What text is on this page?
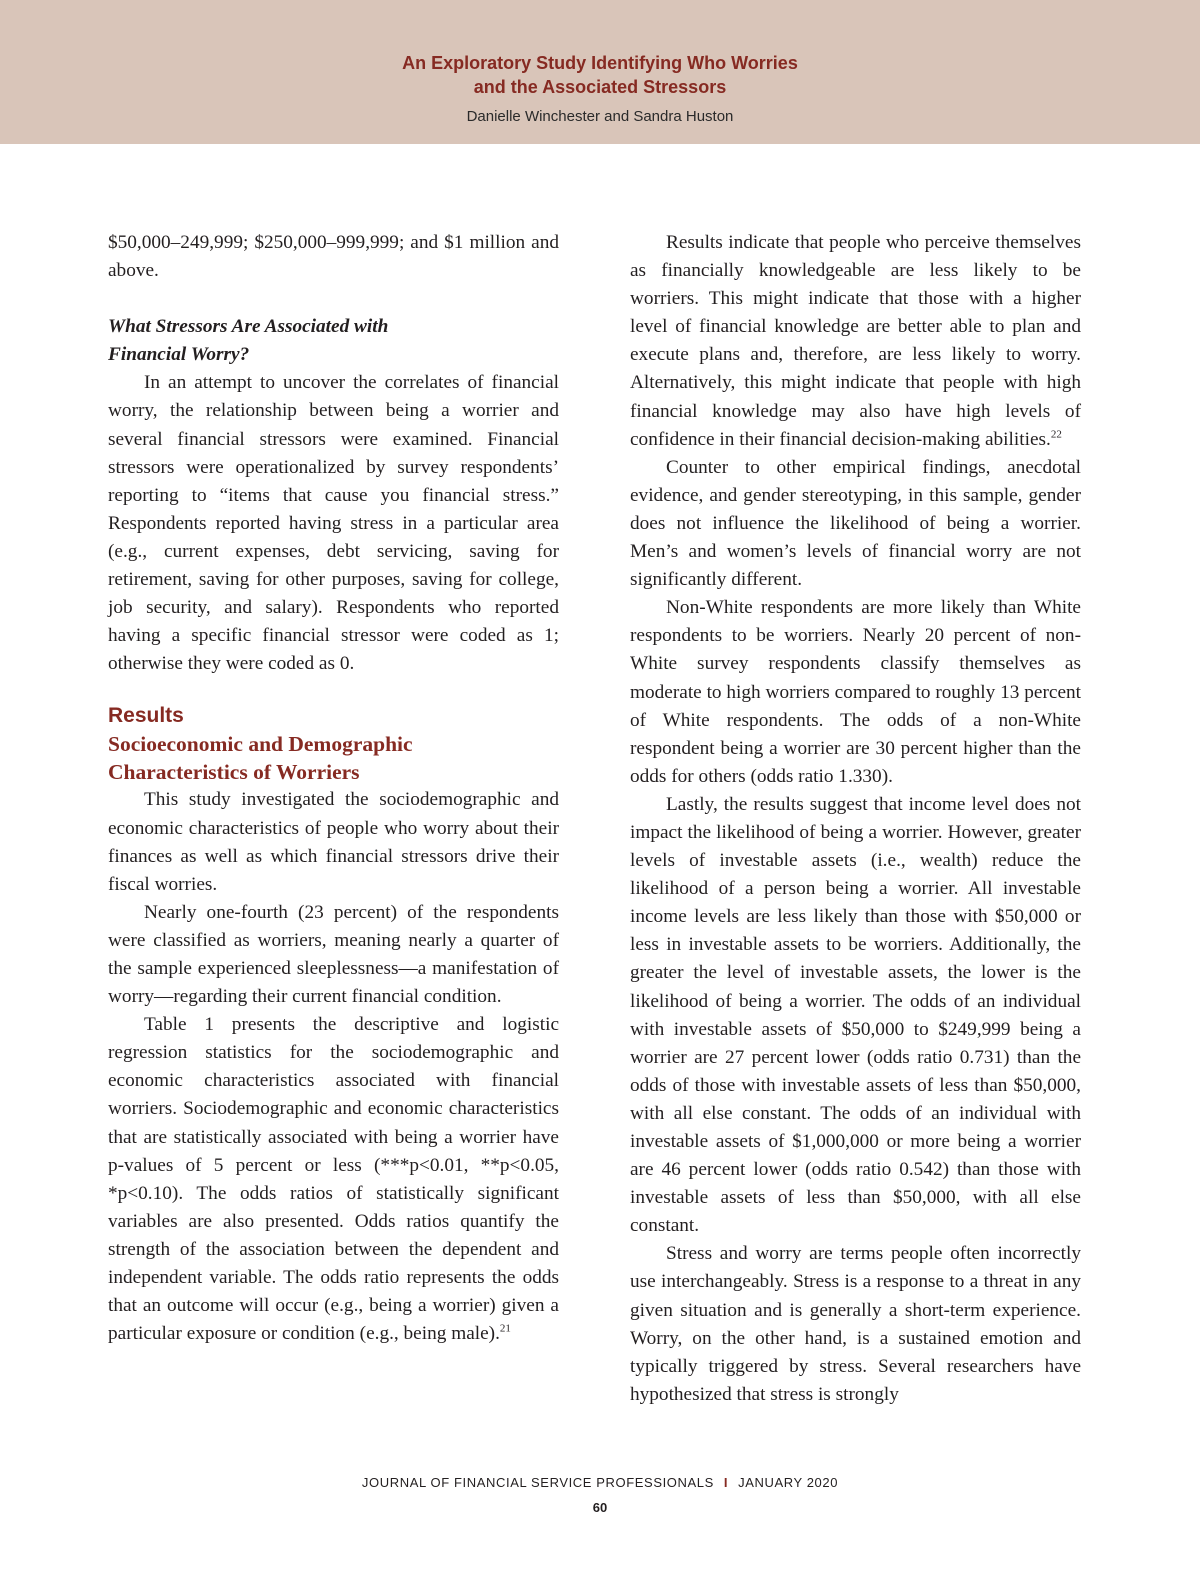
An Exploratory Study Identifying Who Worries
and the Associated Stressors
Danielle Winchester and Sandra Huston

$50,000–249,999; $250,000–999,999; and $1 million and above.

What Stressors Are Associated with
Financial Worry?

In an attempt to uncover the correlates of financial worry, the relationship between being a worrier and several financial stressors were examined. Financial stressors were operationalized by survey respondents’ reporting to “items that cause you financial stress.” Respondents reported having stress in a particular area (e.g., current expenses, debt servicing, saving for retirement, saving for other purposes, saving for college, job security, and salary). Respondents who reported having a specific financial stressor were coded as 1; otherwise they were coded as 0.

Results
Socioeconomic and Demographic
Characteristics of Worriers

This study investigated the sociodemographic and economic characteristics of people who worry about their finances as well as which financial stressors drive their fiscal worries.

Nearly one-fourth (23 percent) of the respondents were classified as worriers, meaning nearly a quarter of the sample experienced sleeplessness—a manifestation of worry—regarding their current financial condition.

Table 1 presents the descriptive and logistic regression statistics for the sociodemographic and economic characteristics associated with financial worriers. Sociodemographic and economic characteristics that are statistically associated with being a worrier have p-values of 5 percent or less (***p<0.01, **p<0.05, *p<0.10). The odds ratios of statistically significant variables are also presented. Odds ratios quantify the strength of the association between the dependent and independent variable. The odds ratio represents the odds that an outcome will occur (e.g., being a worrier) given a particular exposure or condition (e.g., being male).$^{21}$

Results indicate that people who perceive themselves as financially knowledgeable are less likely to be worriers. This might indicate that those with a higher level of financial knowledge are better able to plan and execute plans and, therefore, are less likely to worry. Alternatively, this might indicate that people with high financial knowledge may also have high levels of confidence in their financial decision-making abilities.$^{22}$

Counter to other empirical findings, anecdotal evidence, and gender stereotyping, in this sample, gender does not influence the likelihood of being a worrier. Men’s and women’s levels of financial worry are not significantly different.

Non-White respondents are more likely than White respondents to be worriers. Nearly 20 percent of non-White survey respondents classify themselves as moderate to high worriers compared to roughly 13 percent of White respondents. The odds of a non-White respondent being a worrier are 30 percent higher than the odds for others (odds ratio 1.330).

Lastly, the results suggest that income level does not impact the likelihood of being a worrier. However, greater levels of investable assets (i.e., wealth) reduce the likelihood of a person being a worrier. All investable income levels are less likely than those with $50,000 or less in investable assets to be worriers. Additionally, the greater the level of investable assets, the lower is the likelihood of being a worrier. The odds of an individual with investable assets of $50,000 to $249,999 being a worrier are 27 percent lower (odds ratio 0.731) than the odds of those with investable assets of less than $50,000, with all else constant. The odds of an individual with investable assets of $1,000,000 or more being a worrier are 46 percent lower (odds ratio 0.542) than those with investable assets of less than $50,000, with all else constant.

Stress and worry are terms people often incorrectly use interchangeably. Stress is a response to a threat in any given situation and is generally a short-term experience. Worry, on the other hand, is a sustained emotion and typically triggered by stress. Several researchers have hypothesized that stress is strongly

JOURNAL OF FINANCIAL SERVICE PROFESSIONALS I JANUARY 2020
60
